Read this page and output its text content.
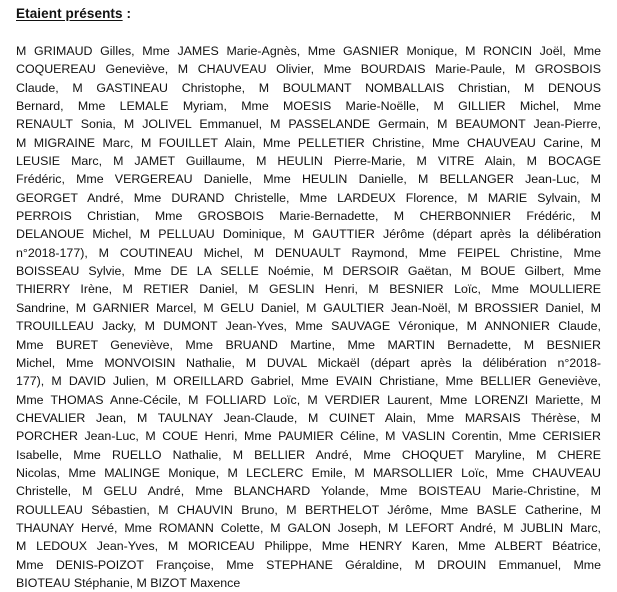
Etaient présents :
M GRIMAUD Gilles, Mme JAMES Marie-Agnès, Mme GASNIER Monique, M RONCIN Joël, Mme
COQUEREAU Geneviève, M CHAUVEAU Olivier, Mme BOURDAIS Marie-Paule, M GROSBOIS
Claude, M GASTINEAU Christophe, M BOULMANT NOMBALLAIS Christian, M DENOUS
Bernard, Mme LEMALE Myriam, Mme MOESIS Marie-Noëlle, M GILLIER Michel, Mme
RENAULT Sonia, M JOLIVEL Emmanuel, M PASSELANDE Germain, M BEAUMONT Jean-Pierre,
M MIGRAINE Marc, M FOUILLET Alain, Mme PELLETIER Christine, Mme CHAUVEAU Carine, M
LEUSIE Marc, M JAMET Guillaume, M HEULIN Pierre-Marie, M VITRE Alain, M BOCAGE
Frédéric, Mme VERGEREAU Danielle, Mme HEULIN Danielle, M BELLANGER Jean-Luc, M
GEORGET André, Mme DURAND Christelle, Mme LARDEUX Florence, M MARIE Sylvain, M
PERROIS Christian, Mme GROSBOIS Marie-Bernadette, M CHERBONNIER Frédéric, M
DELANOUE Michel, M PELLUAU Dominique, M GAUTTIER Jérôme (départ après la délibération
n°2018-177), M COUTINEAU Michel, M DENUAULT Raymond, Mme FEIPEL Christine, Mme
BOISSEAU Sylvie, Mme DE LA SELLE Noémie, M DERSOIR Gaëtan, M BOUE Gilbert, Mme
THIERRY Irène, M RETIER Daniel, M GESLIN Henri, M BESNIER Loïc, Mme MOULLIERE
Sandrine, M GARNIER Marcel, M GELU Daniel, M GAULTIER Jean-Noël, M BROSSIER Daniel, M
TROUILLEAU Jacky, M DUMONT Jean-Yves, Mme SAUVAGE Véronique, M ANNONIER Claude,
Mme BURET Geneviève, Mme BRUAND Martine, Mme MARTIN Bernadette, M BESNIER
Michel, Mme MONVOISIN Nathalie, M DUVAL Mickaël (départ après la délibération n°2018-
177), M DAVID Julien, M OREILLARD Gabriel, Mme EVAIN Christiane, Mme BELLIER Geneviève,
Mme THOMAS Anne-Cécile, M FOLLIARD Loïc, M VERDIER Laurent, Mme LORENZI Mariette, M
CHEVALIER Jean, M TAULNAY Jean-Claude, M CUINET Alain, Mme MARSAIS Thérèse, M
PORCHER Jean-Luc, M COUE Henri, Mme PAUMIER Céline, M VASLIN Corentin, Mme CERISIER
Isabelle, Mme RUELLO Nathalie, M BELLIER André, Mme CHOQUET Maryline, M CHERE
Nicolas, Mme MALINGE Monique, M LECLERC Emile, M MARSOLLIER Loïc, Mme CHAUVEAU
Christelle, M GELU André, Mme BLANCHARD Yolande, Mme BOISTEAU Marie-Christine, M
ROULLEAU Sébastien, M CHAUVIN Bruno, M BERTHELOT Jérôme, Mme BASLE Catherine, M
THAUNAY Hervé, Mme ROMANN Colette, M GALON Joseph, M LEFORT André, M JUBLIN Marc,
M LEDOUX Jean-Yves, M MORICEAU Philippe, Mme HENRY Karen, Mme ALBERT Béatrice,
Mme DENIS-POIZOT Françoise, Mme STEPHANE Géraldine, M DROUIN Emmanuel, Mme
BIOTEAU Stéphanie, M BIZOT Maxence
